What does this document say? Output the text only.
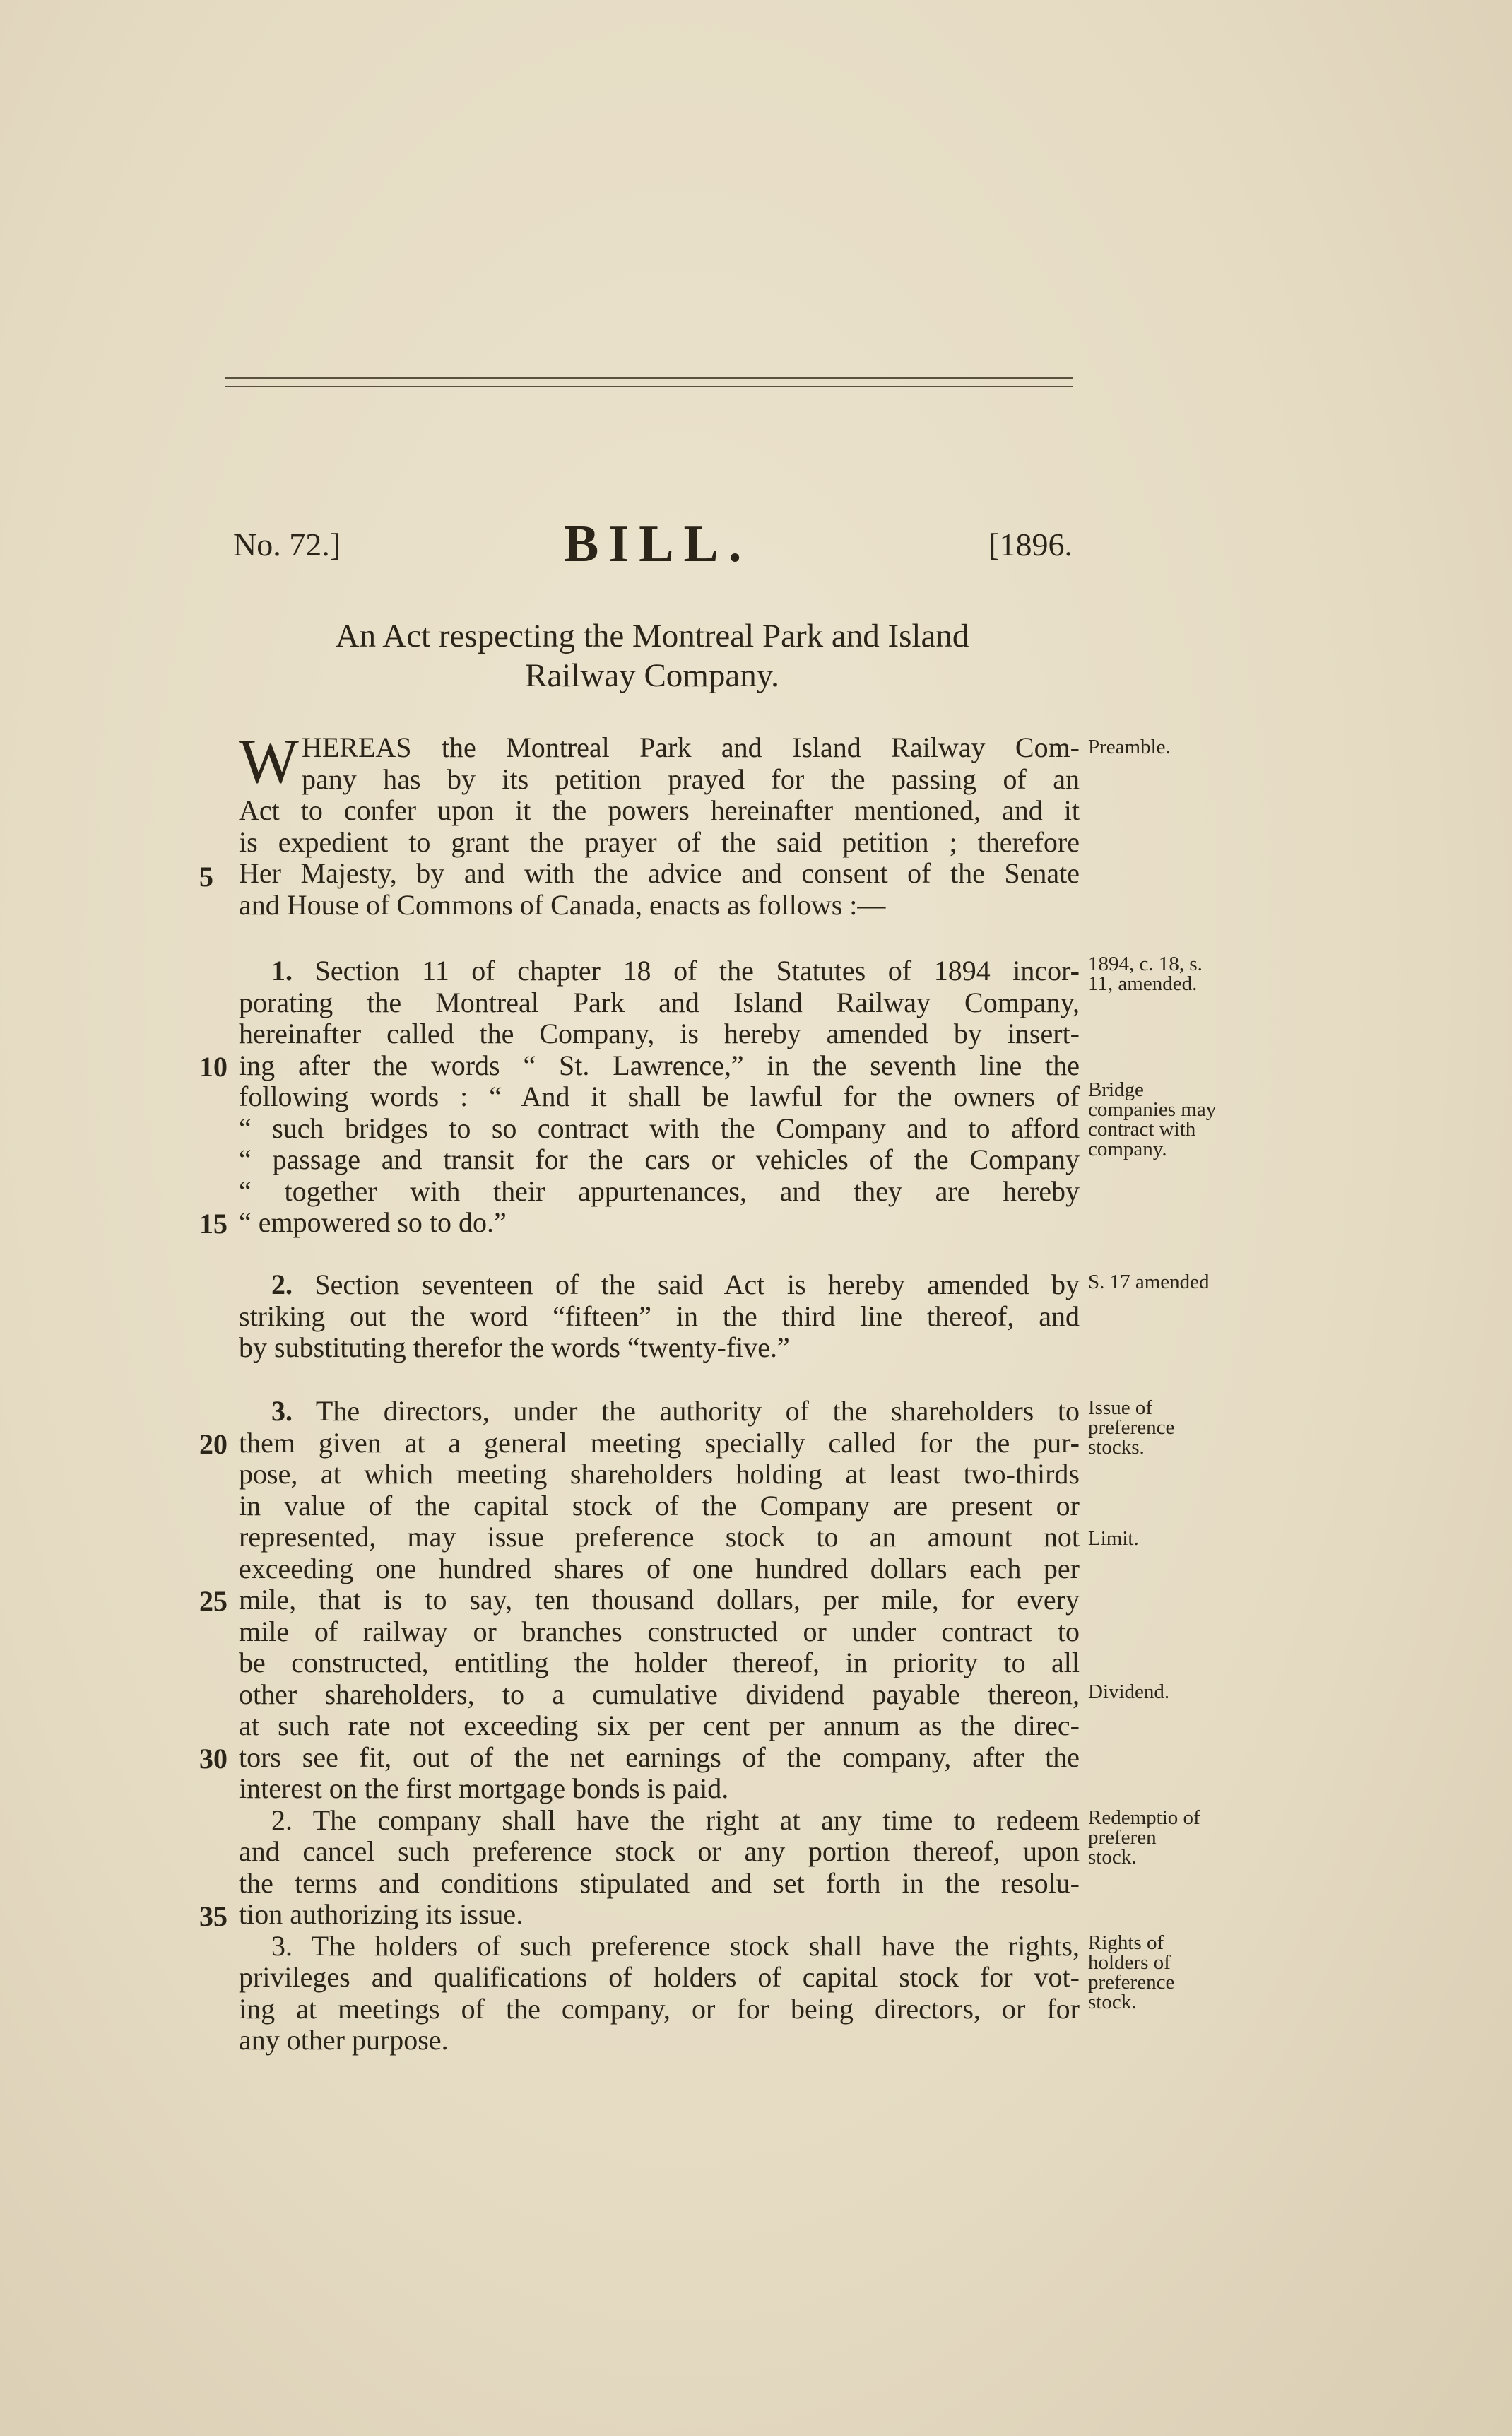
No. 72.]	BILL.	[1896.
An Act respecting the Montreal Park and Island
Railway Company.
W HEREAS the Montreal Park and Island Railway Com-
pany has by its petition prayed for the passing of an
Act to confer upon it the powers hereinafter mentioned, and it
is expedient to grant the prayer of the said petition ; therefore
Her Majesty, by and with the advice and consent of the Senate
and House of Commons of Canada, enacts as follows :—
1. Section 11 of chapter 18 of the Statutes of 1894 incor-
porating the Montreal Park and Island Railway Company,
hereinafter called the Company, is hereby amended by insert-
ing after the words “ St. Lawrence,” in the seventh line the
following words : “ And it shall be lawful for the owners of
“ such bridges to so contract with the Company and to afford
“ passage and transit for the cars or vehicles of the Company
“ together with their appurtenances, and they are hereby
“ empowered so to do.”
2. Section seventeen of the said Act is hereby amended by
striking out the word “fifteen” in the third line thereof, and
by substituting therefor the words “twenty-five.”
3. The directors, under the authority of the shareholders to
them given at a general meeting specially called for the pur-
pose, at which meeting shareholders holding at least two-thirds
in value of the capital stock of the Company are present or
represented, may issue preference stock to an amount not
exceeding one hundred shares of one hundred dollars each per
mile, that is to say, ten thousand dollars, per mile, for every
mile of railway or branches constructed or under contract to
be constructed, entitling the holder thereof, in priority to all
other shareholders, to a cumulative dividend payable thereon,
at such rate not exceeding six per cent per annum as the direc-
tors see fit, out of the net earnings of the company, after the
interest on the first mortgage bonds is paid.
2. The company shall have the right at any time to redeem
and cancel such preference stock or any portion thereof, upon
the terms and conditions stipulated and set forth in the resolu-
tion authorizing its issue.
3. The holders of such preference stock shall have the rights,
privileges and qualifications of holders of capital stock for vot-
ing at meetings of the company, or for being directors, or for
any other purpose.
5
10
15
20
25
30
35
Preamble.
1894, c. 18, s. 11, amended.
Bridge companies may contract with company.
S. 17 amended
Issue of preference stocks.
Limit.
Dividend.
Redemptio of preferen stock.
Rights of holders of preference stock.
